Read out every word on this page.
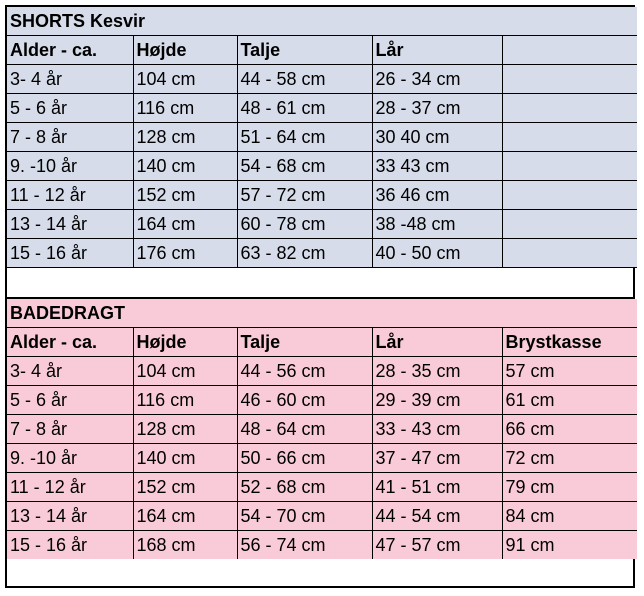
SHORTS Kesvir				
Alder - ca.	Højde	Talje	Lår	
3- 4 år	104 cm	44 - 58 cm	26 - 34 cm	
5 - 6 år	116 cm	48 - 61 cm	28 - 37 cm	
7 - 8 år	128 cm	51 - 64 cm	30 40 cm	
9. -10 år	140 cm	54 - 68 cm	33 43 cm	
11 - 12 år	152 cm	57 - 72 cm	36 46 cm	
13 - 14 år	164 cm	60 - 78 cm	38 -48 cm	
15 - 16 år	176 cm	63 - 82 cm	40 - 50 cm	
BADEDRAGT				
Alder - ca.	Højde	Talje	Lår	Brystkasse
3- 4 år	104 cm	44 - 56 cm	28 - 35 cm	57 cm
5 - 6 år	116 cm	46 - 60 cm	29 - 39 cm	61 cm
7 - 8 år	128 cm	48 - 64 cm	33 - 43 cm	66 cm
9. -10 år	140 cm	50 - 66 cm	37 - 47 cm	72 cm
11 - 12 år	152 cm	52 - 68 cm	41 - 51 cm	79 cm
13 - 14 år	164 cm	54 - 70 cm	44 - 54 cm	84 cm
15 - 16 år	168 cm	56 - 74 cm	47 - 57 cm	91 cm
